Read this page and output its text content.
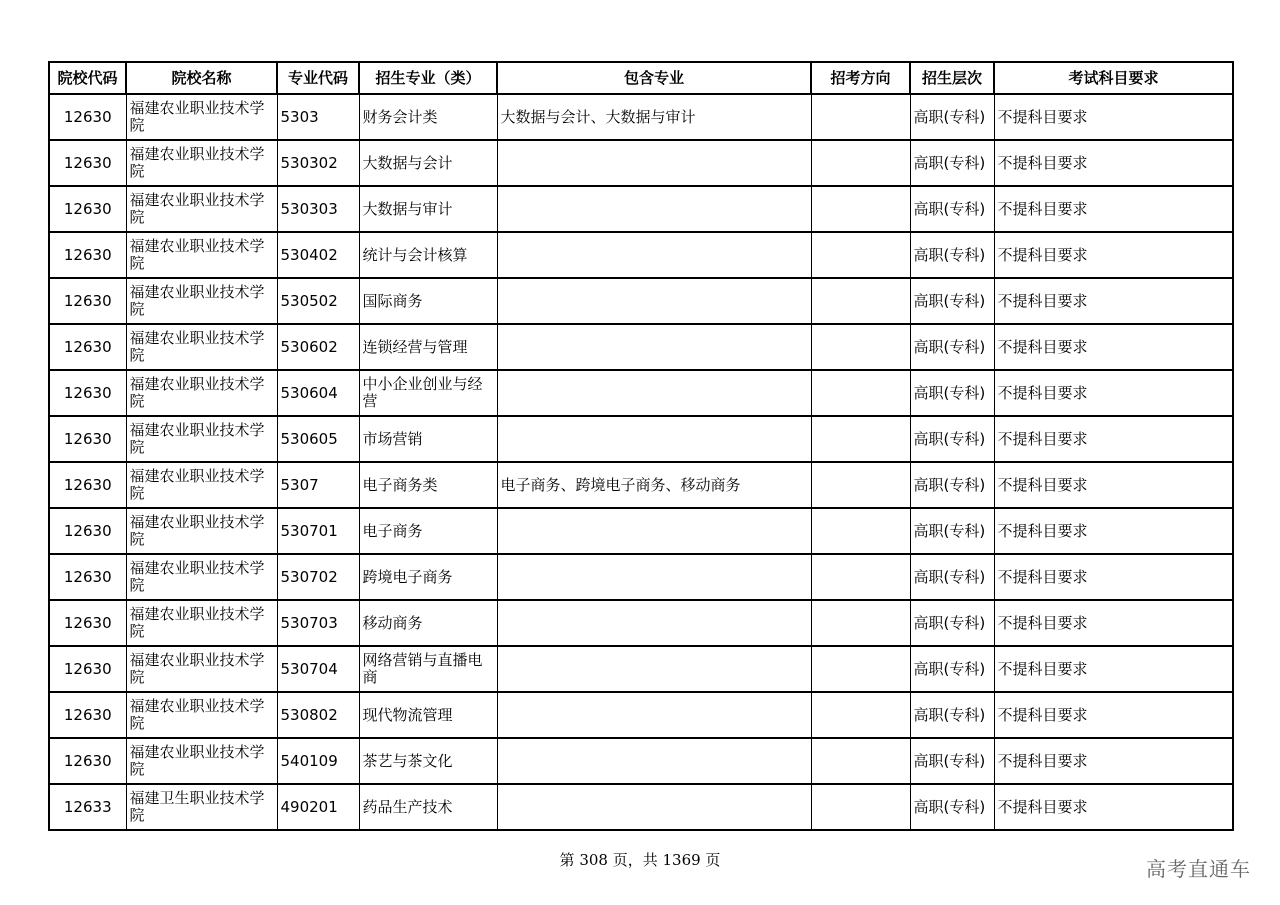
院校代码	院校名称	专业代码	招生专业（类）	包含专业	招考方向	招生层次	考试科目要求
12630	福建农业职业技术学院	5303	财务会计类	大数据与会计、大数据与审计		高职(专科)	不提科目要求
12630	福建农业职业技术学院	530302	大数据与会计			高职(专科)	不提科目要求
12630	福建农业职业技术学院	530303	大数据与审计			高职(专科)	不提科目要求
12630	福建农业职业技术学院	530402	统计与会计核算			高职(专科)	不提科目要求
12630	福建农业职业技术学院	530502	国际商务			高职(专科)	不提科目要求
12630	福建农业职业技术学院	530602	连锁经营与管理			高职(专科)	不提科目要求
12630	福建农业职业技术学院	530604	中小企业创业与经营			高职(专科)	不提科目要求
12630	福建农业职业技术学院	530605	市场营销			高职(专科)	不提科目要求
12630	福建农业职业技术学院	5307	电子商务类	电子商务、跨境电子商务、移动商务		高职(专科)	不提科目要求
12630	福建农业职业技术学院	530701	电子商务			高职(专科)	不提科目要求
12630	福建农业职业技术学院	530702	跨境电子商务			高职(专科)	不提科目要求
12630	福建农业职业技术学院	530703	移动商务			高职(专科)	不提科目要求
12630	福建农业职业技术学院	530704	网络营销与直播电商			高职(专科)	不提科目要求
12630	福建农业职业技术学院	530802	现代物流管理			高职(专科)	不提科目要求
12630	福建农业职业技术学院	540109	茶艺与茶文化			高职(专科)	不提科目要求
12633	福建卫生职业技术学院	490201	药品生产技术			高职(专科)	不提科目要求
第 308 页，共 1369 页	高考直通车
